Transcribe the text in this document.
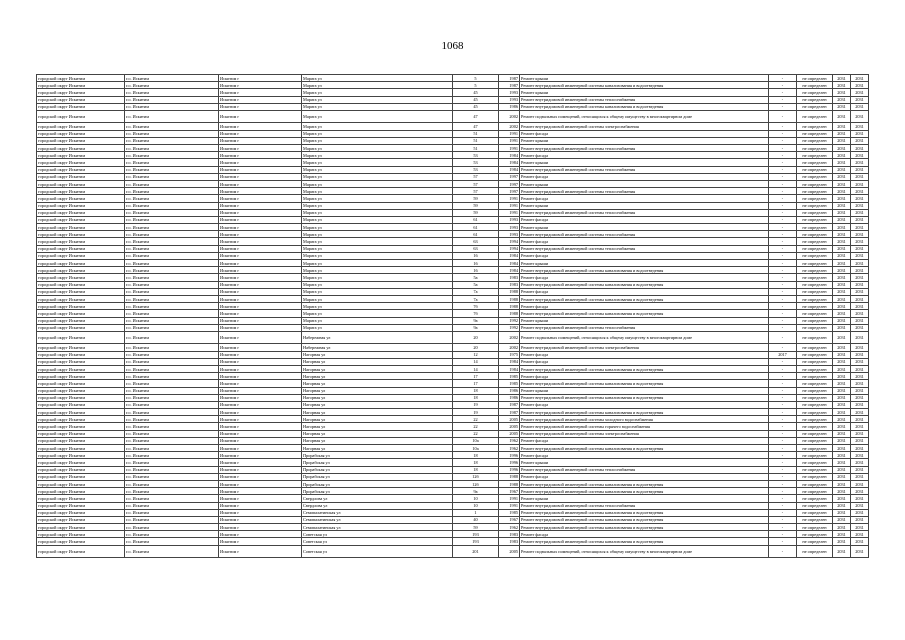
1068
городской округ Искитим	г.о. Искитим	Искитим г	Марата ул	5	1987	Ремонт крыши	-	не определен	2031	2031
городской округ Искитим	г.о. Искитим	Искитим г	Марата ул	5	1987	Ремонт внутридомовой инженерной системы канализования и водоотведения	-	не определен	2031	2031
городской округ Искитим	г.о. Искитим	Искитим г	Марата ул	45	1993	Ремонт крыши	-	не определен	2031	2031
городской округ Искитим	г.о. Искитим	Искитим г	Марата ул	45	1993	Ремонт внутридомовой инженерной системы теплоснабжения	-	не определен	2031	2031
городской округ Искитим	г.о. Искитим	Искитим г	Марата ул	45	1986	Ремонт внутридомовой инженерной системы канализования и водоотведения	-	не определен	2031	2031
городской округ Искитим	г.о. Искитим	Искитим г	Марата ул	47	2002	Ремонт подвальных помещений, относящихся к общему имуществу в многоквартирном доме	-	не определен	2031	2031
городской округ Искитим	г.о. Искитим	Искитим г	Марата ул	47	2002	Ремонт внутридомовой инженерной системы электроснабжения	-	не определен	2031	2031
городской округ Искитим	г.о. Искитим	Искитим г	Марата ул	51	1991	Ремонт фасада	-	не определен	2031	2031
городской округ Искитим	г.о. Искитим	Искитим г	Марата ул	51	1991	Ремонт крыши	-	не определен	2031	2031
городской округ Искитим	г.о. Искитим	Искитим г	Марата ул	51	1991	Ремонт внутридомовой инженерной системы теплоснабжения	-	не определен	2031	2031
городской округ Искитим	г.о. Искитим	Искитим г	Марата ул	53	1984	Ремонт фасада	-	не определен	2031	2031
городской округ Искитим	г.о. Искитим	Искитим г	Марата ул	53	1984	Ремонт крыши	-	не определен	2031	2031
городской округ Искитим	г.о. Искитим	Искитим г	Марата ул	53	1984	Ремонт внутридомовой инженерной системы теплоснабжения	-	не определен	2031	2031
городской округ Искитим	г.о. Искитим	Искитим г	Марата ул	57	1997	Ремонт фасада	-	не определен	2031	2031
городской округ Искитим	г.о. Искитим	Искитим г	Марата ул	57	1997	Ремонт крыши	-	не определен	2031	2031
городской округ Искитим	г.о. Искитим	Искитим г	Марата ул	57	1997	Ремонт внутридомовой инженерной системы теплоснабжения	-	не определен	2031	2031
городской округ Искитим	г.о. Искитим	Искитим г	Марата ул	59	1991	Ремонт фасада	-	не определен	2031	2031
городской округ Искитим	г.о. Искитим	Искитим г	Марата ул	59	1991	Ремонт крыши	-	не определен	2031	2031
городской округ Искитим	г.о. Искитим	Искитим г	Марата ул	59	1991	Ремонт внутридомовой инженерной системы теплоснабжения	-	не определен	2031	2031
городской округ Искитим	г.о. Искитим	Искитим г	Марата ул	61	1993	Ремонт фасада	-	не определен	2031	2031
городской округ Искитим	г.о. Искитим	Искитим г	Марата ул	61	1993	Ремонт крыши	-	не определен	2031	2031
городской округ Искитим	г.о. Искитим	Искитим г	Марата ул	61	1993	Ремонт внутридомовой инженерной системы теплоснабжения	-	не определен	2031	2031
городской округ Искитим	г.о. Искитим	Искитим г	Марата ул	63	1994	Ремонт фасада	-	не определен	2031	2031
городской округ Искитим	г.о. Искитим	Искитим г	Марата ул	63	1994	Ремонт внутридомовой инженерной системы теплоснабжения	-	не определен	2031	2031
городской округ Искитим	г.о. Искитим	Искитим г	Марата ул	16	1984	Ремонт фасада	-	не определен	2031	2031
городской округ Искитим	г.о. Искитим	Искитим г	Марата ул	16	1984	Ремонт крыши	-	не определен	2031	2031
городской округ Искитим	г.о. Искитим	Искитим г	Марата ул	16	1984	Ремонт внутридомовой инженерной системы канализования и водоотведения	-	не определен	2031	2031
городской округ Искитим	г.о. Искитим	Искитим г	Марата ул	5а	1983	Ремонт фасада	-	не определен	2031	2031
городской округ Искитим	г.о. Искитим	Искитим г	Марата ул	5а	1983	Ремонт внутридомовой инженерной системы канализования и водоотведения	-	не определен	2031	2031
городской округ Искитим	г.о. Искитим	Искитим г	Марата ул	7а	1988	Ремонт фасада	-	не определен	2031	2031
городской округ Искитим	г.о. Искитим	Искитим г	Марата ул	7а	1988	Ремонт внутридомовой инженерной системы канализования и водоотведения	-	не определен	2031	2031
городской округ Искитим	г.о. Искитим	Искитим г	Марата ул	7б	1988	Ремонт фасада	-	не определен	2031	2031
городской округ Искитим	г.о. Искитим	Искитим г	Марата ул	7б	1988	Ремонт внутридомовой инженерной системы канализования и водоотведения	-	не определен	2031	2031
городской округ Искитим	г.о. Искитим	Искитим г	Марата ул	9а	1992	Ремонт крыши	-	не определен	2031	2031
городской округ Искитим	г.о. Искитим	Искитим г	Марата ул	9а	1992	Ремонт внутридомовой инженерной системы теплоснабжения	-	не определен	2031	2031
городской округ Искитим	г.о. Искитим	Искитим г	Набережная ул	20	2002	Ремонт подвальных помещений, относящихся к общему имуществу в многоквартирном доме	-	не определен	2031	2031
городской округ Искитим	г.о. Искитим	Искитим г	Набережная ул	20	2002	Ремонт внутридомовой инженерной системы электроснабжения	-	не определен	2031	2031
городской округ Искитим	г.о. Искитим	Искитим г	Нагорная ул	12	1975	Ремонт фасада	2017	не определен	2031	2031
городской округ Искитим	г.о. Искитим	Искитим г	Нагорная ул	14	1984	Ремонт фасада	-	не определен	2031	2031
городской округ Искитим	г.о. Искитим	Искитим г	Нагорная ул	14	1984	Ремонт внутридомовой инженерной системы канализования и водоотведения	-	не определен	2031	2031
городской округ Искитим	г.о. Искитим	Искитим г	Нагорная ул	17	1985	Ремонт фасада	-	не определен	2031	2031
городской округ Искитим	г.о. Искитим	Искитим г	Нагорная ул	17	1985	Ремонт внутридомовой инженерной системы канализования и водоотведения	-	не определен	2031	2031
городской округ Искитим	г.о. Искитим	Искитим г	Нагорная ул	18	1986	Ремонт крыши	-	не определен	2031	2031
городской округ Искитим	г.о. Искитим	Искитим г	Нагорная ул	18	1986	Ремонт внутридомовой инженерной системы канализования и водоотведения	-	не определен	2031	2031
городской округ Искитим	г.о. Искитим	Искитим г	Нагорная ул	19	1987	Ремонт фасада	-	не определен	2031	2031
городской округ Искитим	г.о. Искитим	Искитим г	Нагорная ул	19	1987	Ремонт внутридомовой инженерной системы канализования и водоотведения	-	не определен	2031	2031
городской округ Искитим	г.о. Искитим	Искитим г	Нагорная ул	22	2005	Ремонт внутридомовой инженерной системы холодного водоснабжения	-	не определен	2031	2031
городской округ Искитим	г.о. Искитим	Искитим г	Нагорная ул	22	2005	Ремонт внутридомовой инженерной системы горячего водоснабжения	-	не определен	2031	2031
городской округ Искитим	г.о. Искитим	Искитим г	Нагорная ул	22	2005	Ремонт внутридомовой инженерной системы электроснабжения	-	не определен	2031	2031
городской округ Искитим	г.о. Искитим	Искитим г	Нагорная ул	10а	1962	Ремонт фасада	-	не определен	2031	2031
городской округ Искитим	г.о. Искитим	Искитим г	Нагорная ул	10а	1962	Ремонт внутридомовой инженерной системы канализования и водоотведения	-	не определен	2031	2031
городской округ Искитим	г.о. Искитим	Искитим г	Прорабская ул	18	1996	Ремонт фасада	-	не определен	2031	2031
городской округ Искитим	г.о. Искитим	Искитим г	Прорабская ул	18	1996	Ремонт крыши	-	не определен	2031	2031
городской округ Искитим	г.о. Искитим	Искитим г	Прорабская ул	18	1996	Ремонт внутридомовой инженерной системы теплоснабжения	-	не определен	2031	2031
городской округ Искитим	г.о. Искитим	Искитим г	Прорабская ул	12б	1988	Ремонт фасада	-	не определен	2031	2031
городской округ Искитим	г.о. Искитим	Искитим г	Прорабская ул	12б	1988	Ремонт внутридомовой инженерной системы канализования и водоотведения	-	не определен	2031	2031
городской округ Искитим	г.о. Искитим	Искитим г	Прорабская ул	9а	1967	Ремонт внутридомовой инженерной системы канализования и водоотведения	-	не определен	2031	2031
городской округ Искитим	г.о. Искитим	Искитим г	Свердлова ул	10	1991	Ремонт крыши	-	не определен	2031	2031
городской округ Искитим	г.о. Искитим	Искитим г	Свердлова ул	10	1991	Ремонт внутридомовой инженерной системы теплоснабжения	-	не определен	2031	2031
городской округ Искитим	г.о. Искитим	Искитим г	Семипалатинская ул	1	1985	Ремонт внутридомовой инженерной системы канализования и водоотведения	-	не определен	2031	2031
городской округ Искитим	г.о. Искитим	Искитим г	Семипалатинская ул	40	1967	Ремонт внутридомовой инженерной системы канализования и водоотведения	-	не определен	2031	2031
городской округ Искитим	г.о. Искитим	Искитим г	Семипалатинская ул	59	1962	Ремонт внутридомовой инженерной системы канализования и водоотведения	-	не определен	2031	2031
городской округ Искитим	г.о. Искитим	Искитим г	Советская ул	193	1983	Ремонт фасада	-	не определен	2031	2031
городской округ Искитим	г.о. Искитим	Искитим г	Советская ул	193	1983	Ремонт внутридомовой инженерной системы канализования и водоотведения	-	не определен	2031	2031
городской округ Искитим	г.о. Искитим	Искитим г	Советская ул	201	2005	Ремонт подвальных помещений, относящихся к общему имуществу в многоквартирном доме	-	не определен	2031	2031
